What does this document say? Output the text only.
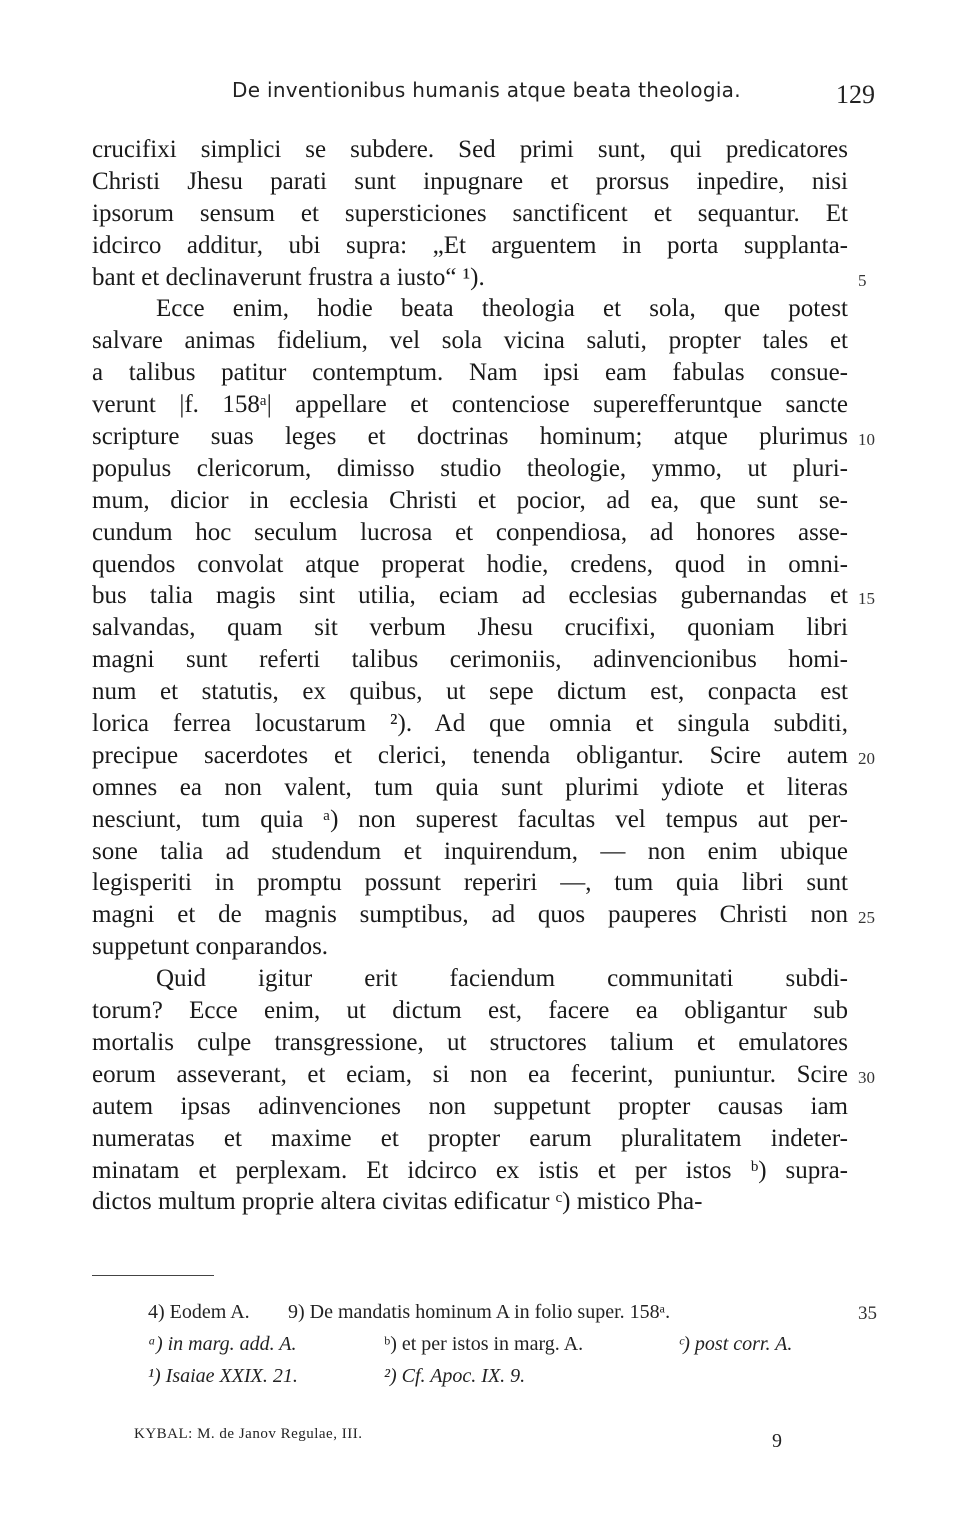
De inventionibus humanis atque beata theologia.	129
crucifixi simplici se subdere. Sed primi sunt, qui predicatores
Christi Jhesu parati sunt inpugnare et prorsus inpedire, nisi
ipsorum sensum et supersticiones sanctificent et sequantur. Et
idcirco additur, ubi supra: „Et arguentem in porta supplanta-
bant et declinaverunt frustra a iusto“ ¹).	5
Ecce enim, hodie beata theologia et sola, que potest
salvare animas fidelium, vel sola vicina saluti, propter tales et
a talibus patitur contemptum. Nam ipsi eam fabulas consue-
verunt |f. 158ᵃ| appellare et contenciose superefferuntque sancte
scripture suas leges et doctrinas hominum; atque plurimus 10
populus clericorum, dimisso studio theologie, ymmo, ut pluri-
mum, dicior in ecclesia Christi et pocior, ad ea, que sunt se-
cundum hoc seculum lucrosa et conpendiosa, ad honores asse-
quendos convolat atque properat hodie, credens, quod in omni-
bus talia magis sint utilia, eciam ad ecclesias gubernandas et 15
salvandas, quam sit verbum Jhesu crucifixi, quoniam libri
magni sunt referti talibus cerimoniis, adinvencionibus homi-
num et statutis, ex quibus, ut sepe dictum est, conpacta est
lorica ferrea locustarum ²). Ad que omnia et singula subditi,
precipue sacerdotes et clerici, tenenda obligantur. Scire autem 20
omnes ea non valent, tum quia sunt plurimi ydiote et literas
nesciunt, tum quia ᵃ) non superest facultas vel tempus aut per-
sone talia ad studendum et inquirendum, — non enim ubique
legisperiti in promptu possunt reperiri —, tum quia libri sunt
magni et de magnis sumptibus, ad quos pauperes Christi non 25
suppetunt conparandos.
Quid igitur erit faciendum communitati subdi-
torum? Ecce enim, ut dictum est, facere ea obligantur sub
mortalis culpe transgressione, ut structores talium et emulatores
eorum asseverant, et eciam, si non ea fecerint, puniuntur. Scire 30
autem ipsas adinvenciones non suppetunt propter causas iam
numeratas et maxime et propter earum pluralitatem indeter-
minatam et perplexam. Et idcirco ex istis et per istos ᵇ) supra-
dictos multum proprie altera civitas edificatur ᶜ) mistico Pha-
4) Eodem A. 9) De mandatis hominum A in folio super. 158ᵃ.	35
ᵃ) in marg. add. A.	ᵇ) et per istos in marg. A.	ᶜ) post corr. A.
¹) Isaiae XXIX. 21.	²) Cf. Apoc. IX. 9.
KYBAL: M. de Janov Regulae, III.	9
